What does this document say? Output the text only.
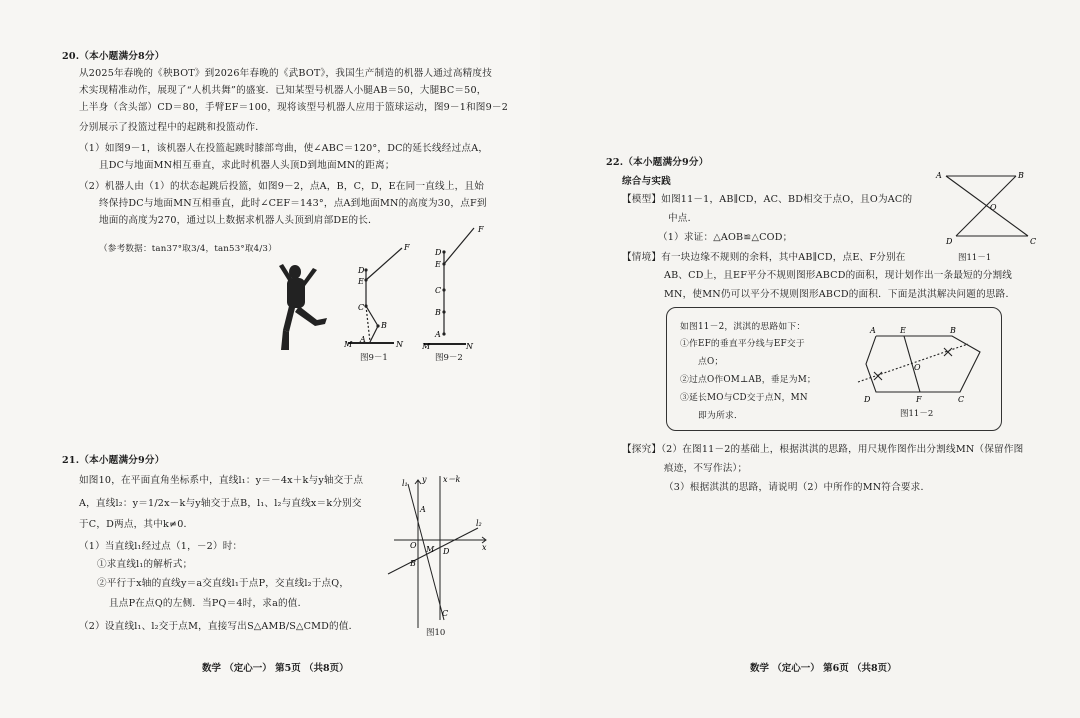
20.（本小题满分8分）
从2025年春晚的《秧BOT》到2026年春晚的《武BOT》，我国生产制造的机器人通过高精度技
术实现精准动作，展现了“人机共舞”的盛宴．已知某型号机器人小腿AB＝50，大腿BC＝50，
上半身（含头部）CD＝80，手臂EF＝100，现将该型号机器人应用于篮球运动，图9－1和图9－2
分别展示了投篮过程中的起跳和投篮动作．
（1）如图9－1，该机器人在投篮起跳时膝部弯曲，使∠ABC＝120°，DC的延长线经过点A，
且DC与地面MN相互垂直，求此时机器人头顶D到地面MN的距离；
（2）机器人由（1）的状态起跳后投篮，如图9－2，点A，B，C，D，E在同一直线上，且始
终保持DC与地面MN互相垂直，此时∠CEF＝143°，点A到地面MN的高度为30，点F到
地面的高度为270，通过以上数据求机器人头顶到肩部DE的长．
（参考数据：tan37°取3/4，tan53°取4/3）	F
D
E
C
B
A
M	N
图9－1
F
D
E
C
B
A
M	N
图9－2
21.（本小题满分9分）
如图10，在平面直角坐标系中，直线l₁：y＝－4x＋k与y轴交于点
A，直线l₂：y＝1/2x－k与y轴交于点B，l₁、l₂与直线x＝k分别交
于C，D两点，其中k≠0．
（1）当直线l₁经过点（1，－2）时：
①求直线l₁的解析式；
②平行于x轴的直线y＝a交直线l₁于点P，交直线l₂于点Q，
且点P在点Q的左侧．当PQ＝4时，求a的值．
（2）设直线l₁、l₂交于点M，直接写出S△AMB/S△CMD的值．
l₁ y x＝k
A
l₂
O M D	x
B
C
图10
数学 （定心一） 第5页 （共8页）
22.（本小题满分9分）
综合与实践
【模型】如图11－1，AB∥CD，AC、BD相交于点O，且O为AC的
中点．
（1）求证：△AOB≌△COD；
【情境】有一块边缘不规则的余料，其中AB∥CD，点E、F分别在
AB、CD上，且EF平分不规则图形ABCD的面积，现计划作出一条最短的分割线
MN，使MN仍可以平分不规则图形ABCD的面积．下面是淇淇解决问题的思路．
A	B
O
D	C
图11－1
如图11－2，淇淇的思路如下：
①作EF的垂直平分线与EF交于
点O；
②过点O作OM⊥AB，垂足为M；
③延长MO与CD交于点N，MN
即为所求．
A	E	B
O
D	F	C
图11－2
【探究】（2）在图11－2的基础上，根据淇淇的思路，用尺规作图作出分割线MN（保留作图
痕迹，不写作法）；
（3）根据淇淇的思路，请说明（2）中所作的MN符合要求．
数学 （定心一） 第6页 （共8页）
